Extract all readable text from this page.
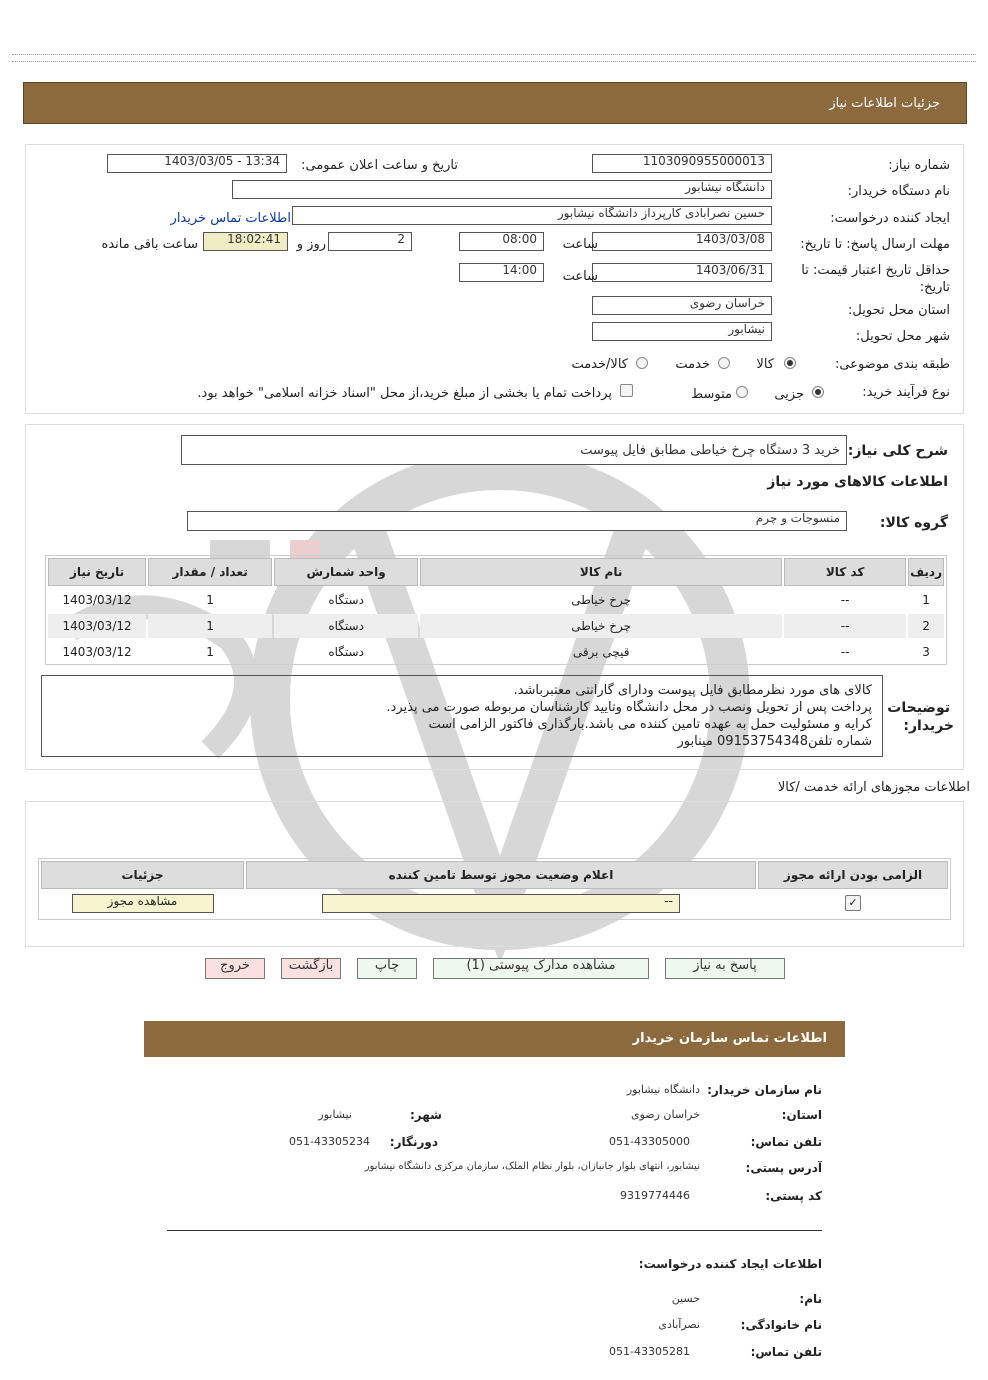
جزئیات اطلاعات نیاز
شماره نیاز:
1103090955000013
تاریخ و ساعت اعلان عمومی:
1403/03/05 - 13:34
نام دستگاه خریدار:
دانشگاه نیشابور
ایجاد کننده درخواست:
حسین نصرآبادی کارپرداز دانشگاه نیشابور
اطلاعات تماس خریدار
مهلت ارسال پاسخ: تا تاریخ:
1403/03/08
ساعت
08:00
2
روز و
18:02:41
ساعت باقی مانده
حداقل تاریخ اعتبار قیمت: تا تاریخ:
1403/06/31
ساعت
14:00
استان محل تحویل:
خراسان رضوی
شهر محل تحویل:
نیشابور
طبقه بندی موضوعی:
کالا
خدمت
کالا/خدمت
نوع فرآیند خرید:
جزیی
متوسط
پرداخت تمام یا بخشی از مبلغ خرید،از محل "اسناد خزانه اسلامی" خواهد بود.
شرح کلی نیاز:
خرید 3 دستگاه چرخ خیاطی مطابق فایل پیوست
اطلاعات کالاهای مورد نیاز
گروه کالا:
منسوجات و چرم
ردیف	کد کالا	نام کالا	واحد شمارش	تعداد / مقدار	تاریخ نیاز
1	--	چرخ خیاطی	دستگاه	1	1403/03/12
2	--	چرخ خیاطی	دستگاه	1	1403/03/12
3	--	قیچی برقی	دستگاه	1	1403/03/12
توضیحات
خریدار:
کالای های مورد نظرمطابق فایل پیوست ودارای گارانتی معتبرباشد.
پرداخت پس از تحویل ونصب در محل دانشگاه وتایید کارشناسان مربوطه صورت می پذیرد.
کرایه و مسئولیت حمل به عهده تامین کننده می باشد.بارگذاری فاکتور الزامی است
شماره تلفن09153754348 مینابور
اطلاعات مجوزهای ارائه خدمت /کالا
الزامی بودن ارائه مجوز	اعلام وضعیت مجوز توسط تامین کننده	جزئیات
✓	--	مشاهده مجوز
پاسخ به نیاز
مشاهده مدارک پیوستی (1)
چاپ
بازگشت
خروج
اطلاعات تماس سازمان خریدار
نام سازمان خریدار:
دانشگاه نیشابور
استان:
خراسان رضوی
شهر:
نیشابور
تلفن تماس:
051-43305000
دورنگار:
051-43305234
آدرس پستی:
نیشابور، انتهای بلوار جانبازان، بلوار نظام الملک، سازمان مرکزی دانشگاه نیشابور
کد پستی:
9319774446
اطلاعات ایجاد کننده درخواست:
نام:
حسین
نام خانوادگی:
نصرآبادی
تلفن تماس:
051-43305281
